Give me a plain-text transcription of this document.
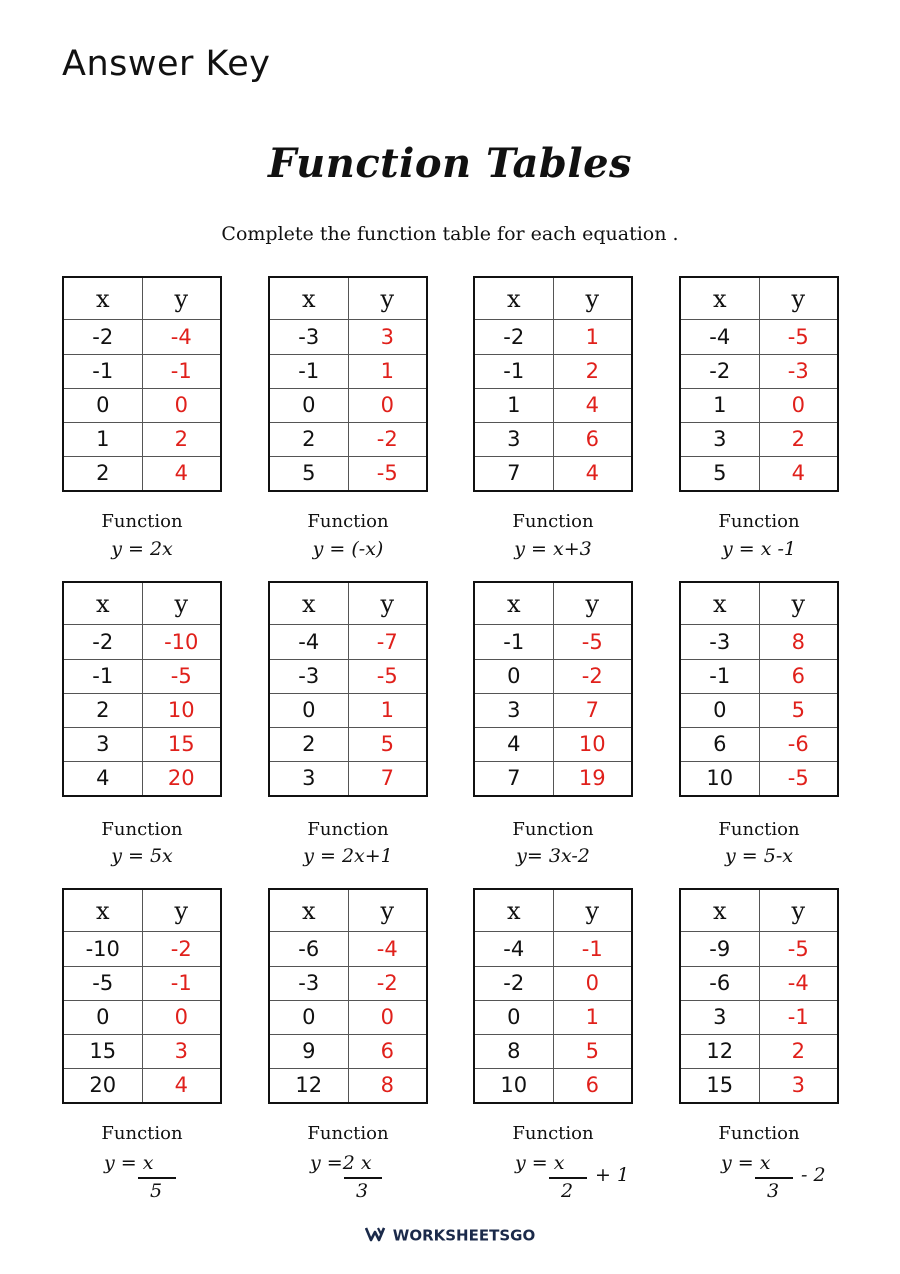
Answer Key
Function Tables
Complete the function table for each equation .
x	y
-2	-4
-1	-1
0	0
1	2
2	4
Function
y = 2x
x	y
-3	3
-1	1
0	0
2	-2
5	-5
Function
y = (-x)
x	y
-2	1
-1	2
1	4
3	6
7	4
Function
y = x+3
x	y
-4	-5
-2	-3
1	0
3	2
5	4
Function
y = x -1
x	y
-2	-10
-1	-5
2	10
3	15
4	20
Function
y = 5x
x	y
-4	-7
-3	-5
0	1
2	5
3	7
Function
y = 2x+1
x	y
-1	-5
0	-2
3	7
4	10
7	19
Function
y= 3x-2
x	y
-3	8
-1	6
0	5
6	-6
10	-5
Function
y = 5-x
x	y
-10	-2
-5	-1
0	0
15	3
20	4
Function
y = x
5
x	y
-6	-4
-3	-2
0	0
9	6
12	8
Function
y =2 x
3
x	y
-4	-1
-2	0
0	1
8	5
10	6
Function
y = x
2
+ 1
x	y
-9	-5
-6	-4
3	-1
12	2
15	3
Function
y = x
3
- 2
WORKSHEETSGO
